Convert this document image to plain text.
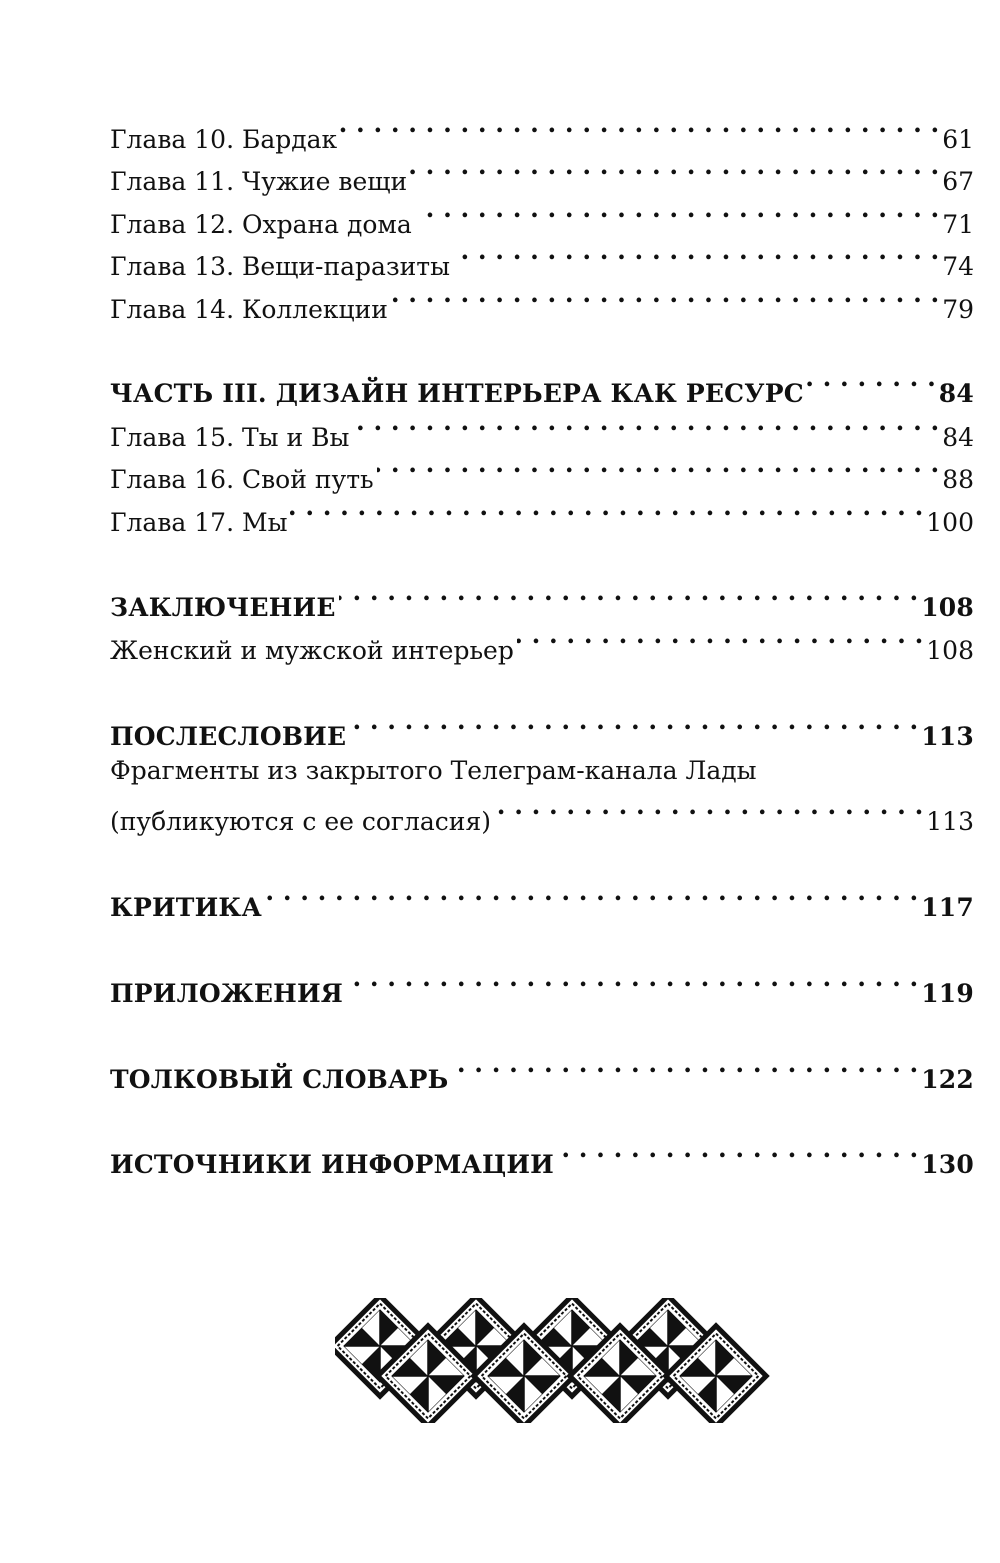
Глава 10. Бардак . . .	61
Глава 11. Чужие вещи . . .	67
Глава 12. Охрана дома . . .	71
Глава 13. Вещи-паразиты . . .	74
Глава 14. Коллекции . . .	79
ЧАСТЬ III. ДИЗАЙН ИНТЕРЬЕРА КАК РЕСУРС . . .	84
Глава 15. Ты и Вы . . .	84
Глава 16. Свой путь . . .	88
Глава 17. Мы . . .	100
ЗАКЛЮЧЕНИЕ . . .	108
Женский и мужской интерьер . . .	108
ПОСЛЕСЛОВИЕ . . .	113
Фрагменты из закрытого Телеграм-канала Лады
(публикуются с ее согласия) . . .	113
КРИТИКА . . .	117
ПРИЛОЖЕНИЯ . . .	119
ТОЛКОВЫЙ СЛОВАРЬ . . .	122
ИСТОЧНИКИ ИНФОРМАЦИИ . . .	130
